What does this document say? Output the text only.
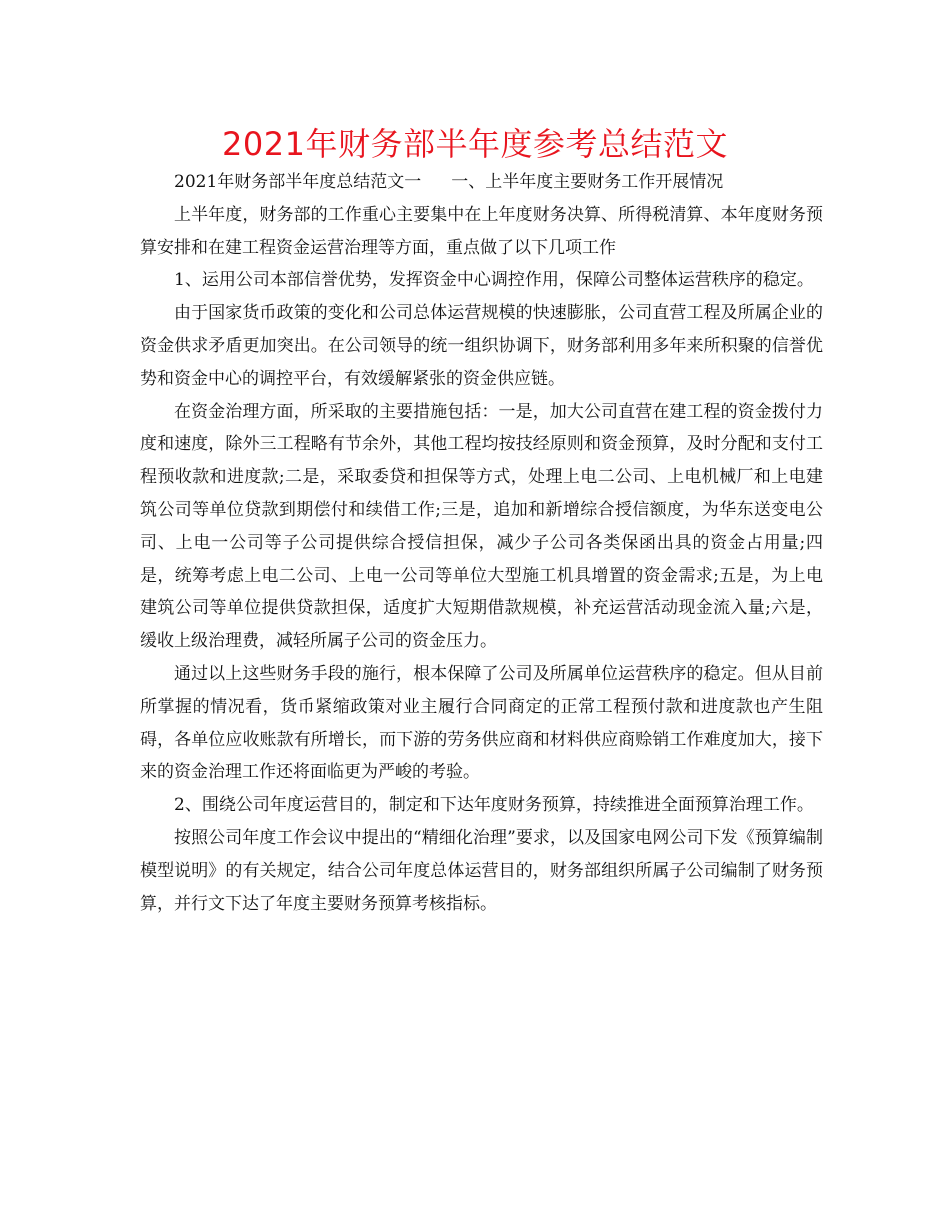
2021年财务部半年度参考总结范文

2021年财务部半年度总结范文一 一、上半年度主要财务工作开展情况

上半年度，财务部的工作重心主要集中在上年度财务决算、所得税清算、本年度财务预算安排和在建工程资金运营治理等方面，重点做了以下几项工作

1、运用公司本部信誉优势，发挥资金中心调控作用，保障公司整体运营秩序的稳定。

由于国家货币政策的变化和公司总体运营规模的快速膨胀，公司直营工程及所属企业的资金供求矛盾更加突出。在公司领导的统一组织协调下，财务部利用多年来所积聚的信誉优势和资金中心的调控平台，有效缓解紧张的资金供应链。

在资金治理方面，所采取的主要措施包括：一是，加大公司直营在建工程的资金拨付力度和速度，除外三工程略有节余外，其他工程均按技经原则和资金预算，及时分配和支付工程预收款和进度款;二是，采取委贷和担保等方式，处理上电二公司、上电机械厂和上电建筑公司等单位贷款到期偿付和续借工作;三是，追加和新增综合授信额度，为华东送变电公司、上电一公司等子公司提供综合授信担保，减少子公司各类保函出具的资金占用量;四是，统筹考虑上电二公司、上电一公司等单位大型施工机具增置的资金需求;五是，为上电建筑公司等单位提供贷款担保，适度扩大短期借款规模，补充运营活动现金流入量;六是，缓收上级治理费，减轻所属子公司的资金压力。

通过以上这些财务手段的施行，根本保障了公司及所属单位运营秩序的稳定。但从目前所掌握的情况看，货币紧缩政策对业主履行合同商定的正常工程预付款和进度款也产生阻碍，各单位应收账款有所增长，而下游的劳务供应商和材料供应商赊销工作难度加大，接下来的资金治理工作还将面临更为严峻的考验。

2、围绕公司年度运营目的，制定和下达年度财务预算，持续推进全面预算治理工作。

按照公司年度工作会议中提出的“精细化治理”要求，以及国家电网公司下发《预算编制模型说明》的有关规定，结合公司年度总体运营目的，财务部组织所属子公司编制了财务预算，并行文下达了年度主要财务预算考核指标。
